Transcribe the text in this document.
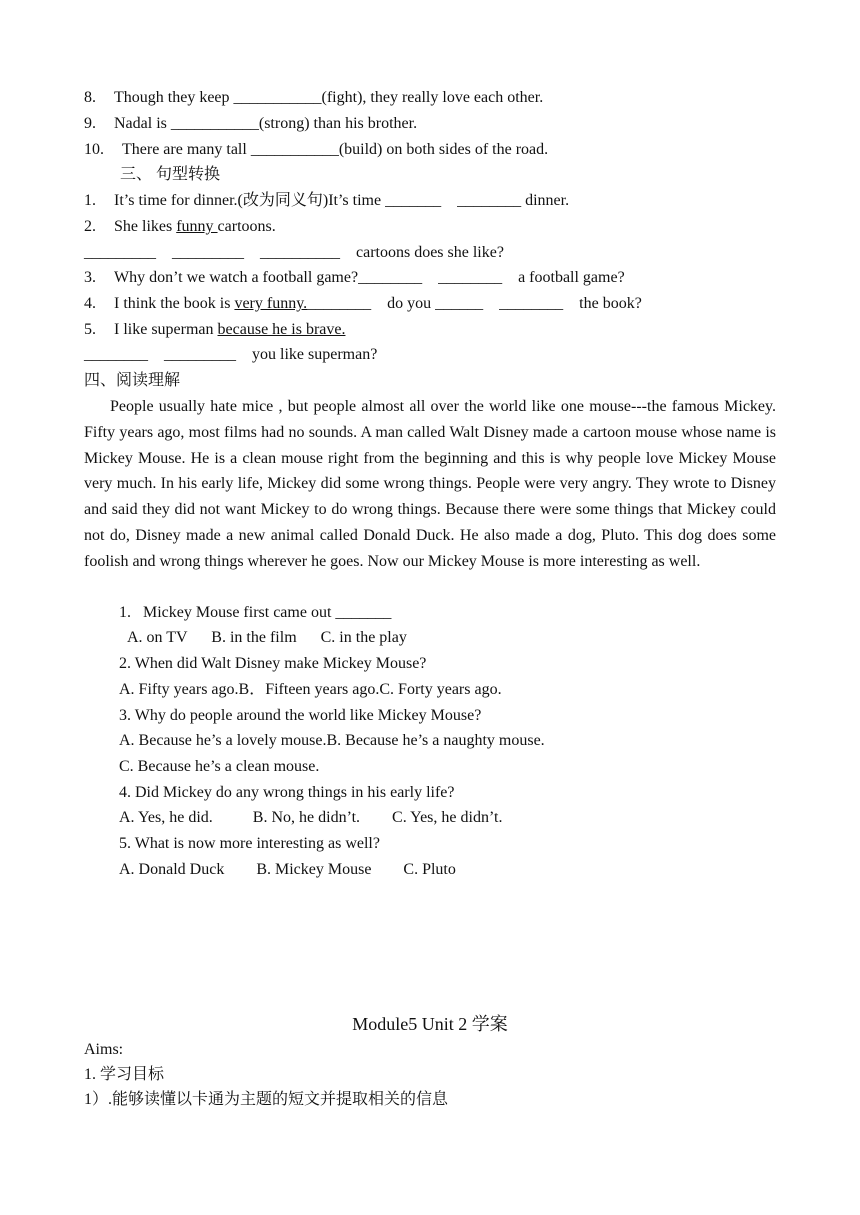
8. Though they keep ___________(fight), they really love each other.
9. Nadal is ___________(strong) than his brother.
10. There are many tall ___________(build) on both sides of the road.
三、 句型转换
1. It’s time for dinner.(改为同义句)It’s time _______    ________ dinner.
2. She likes funny cartoons.
_________    _________    __________    cartoons does she like?
3. Why don’t we watch a football game?________    ________    a football game?
4. I think the book is very funny.________    do you ______    ________    the book?
5. I like superman because he is brave.
________    _________    you like superman?
四、阅读理解
People usually hate mice , but people almost all over the world like one mouse---the famous Mickey. Fifty years ago, most films had no sounds. A man called Walt Disney made a cartoon mouse whose name is Mickey Mouse. He is a clean mouse right from the beginning and this is why people love Mickey Mouse very much. In his early life, Mickey did some wrong things. People were very angry. They wrote to Disney and said they did not want Mickey to do wrong things. Because there were some things that Mickey could not do, Disney made a new animal called Donald Duck. He also made a dog, Pluto. This dog does some foolish and wrong things wherever he goes. Now our Mickey Mouse is more interesting as well.
1.   Mickey Mouse first came out _______
A. on TV      B. in the film      C. in the play
2. When did Walt Disney make Mickey Mouse?
A. Fifty years ago.B．Fifteen years ago.C. Forty years ago.
3. Why do people around the world like Mickey Mouse?
A. Because he’s a lovely mouse.B. Because he’s a naughty mouse.
C. Because he’s a clean mouse.
4. Did Mickey do any wrong things in his early life?
A. Yes, he did.          B. No, he didn’t.        C. Yes, he didn’t.
5. What is now more interesting as well?
A. Donald Duck        B. Mickey Mouse        C. Pluto
Module5 Unit 2 学案
Aims:
1. 学习目标
1）.能够读懂以卡通为主题的短文并提取相关的信息
